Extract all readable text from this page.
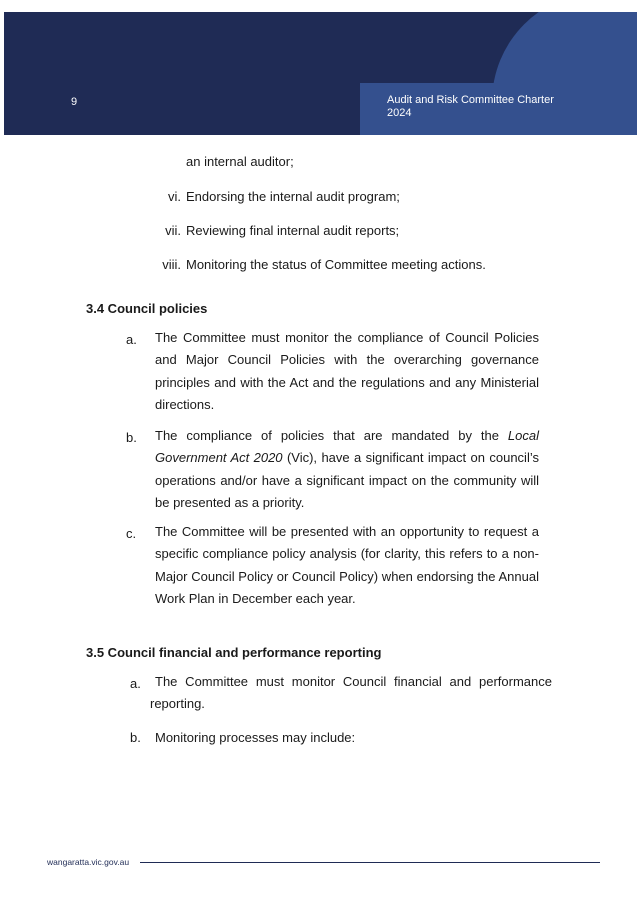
9	Audit and Risk Committee Charter
2024
an internal auditor;
vi. Endorsing the internal audit program;
vii. Reviewing final internal audit reports;
viii. Monitoring the status of Committee meeting actions.
3.4 Council policies
a. The Committee must monitor the compliance of Council Policies
and Major Council Policies with the overarching governance
principles and with the Act and the regulations and any Ministerial
directions.
b. The compliance of policies that are mandated by the Local
Government Act 2020 (Vic), have a significant impact on council’s
operations and/or have a significant impact on the community will
be presented as a priority.
c. The Committee will be presented with an opportunity to request a
specific compliance policy analysis (for clarity, this refers to a non-
Major Council Policy or Council Policy) when endorsing the Annual
Work Plan in December each year.
3.5 Council financial and performance reporting
a. The Committee must monitor Council financial and performance
reporting.
b. Monitoring processes may include:
wangaratta.vic.gov.au
